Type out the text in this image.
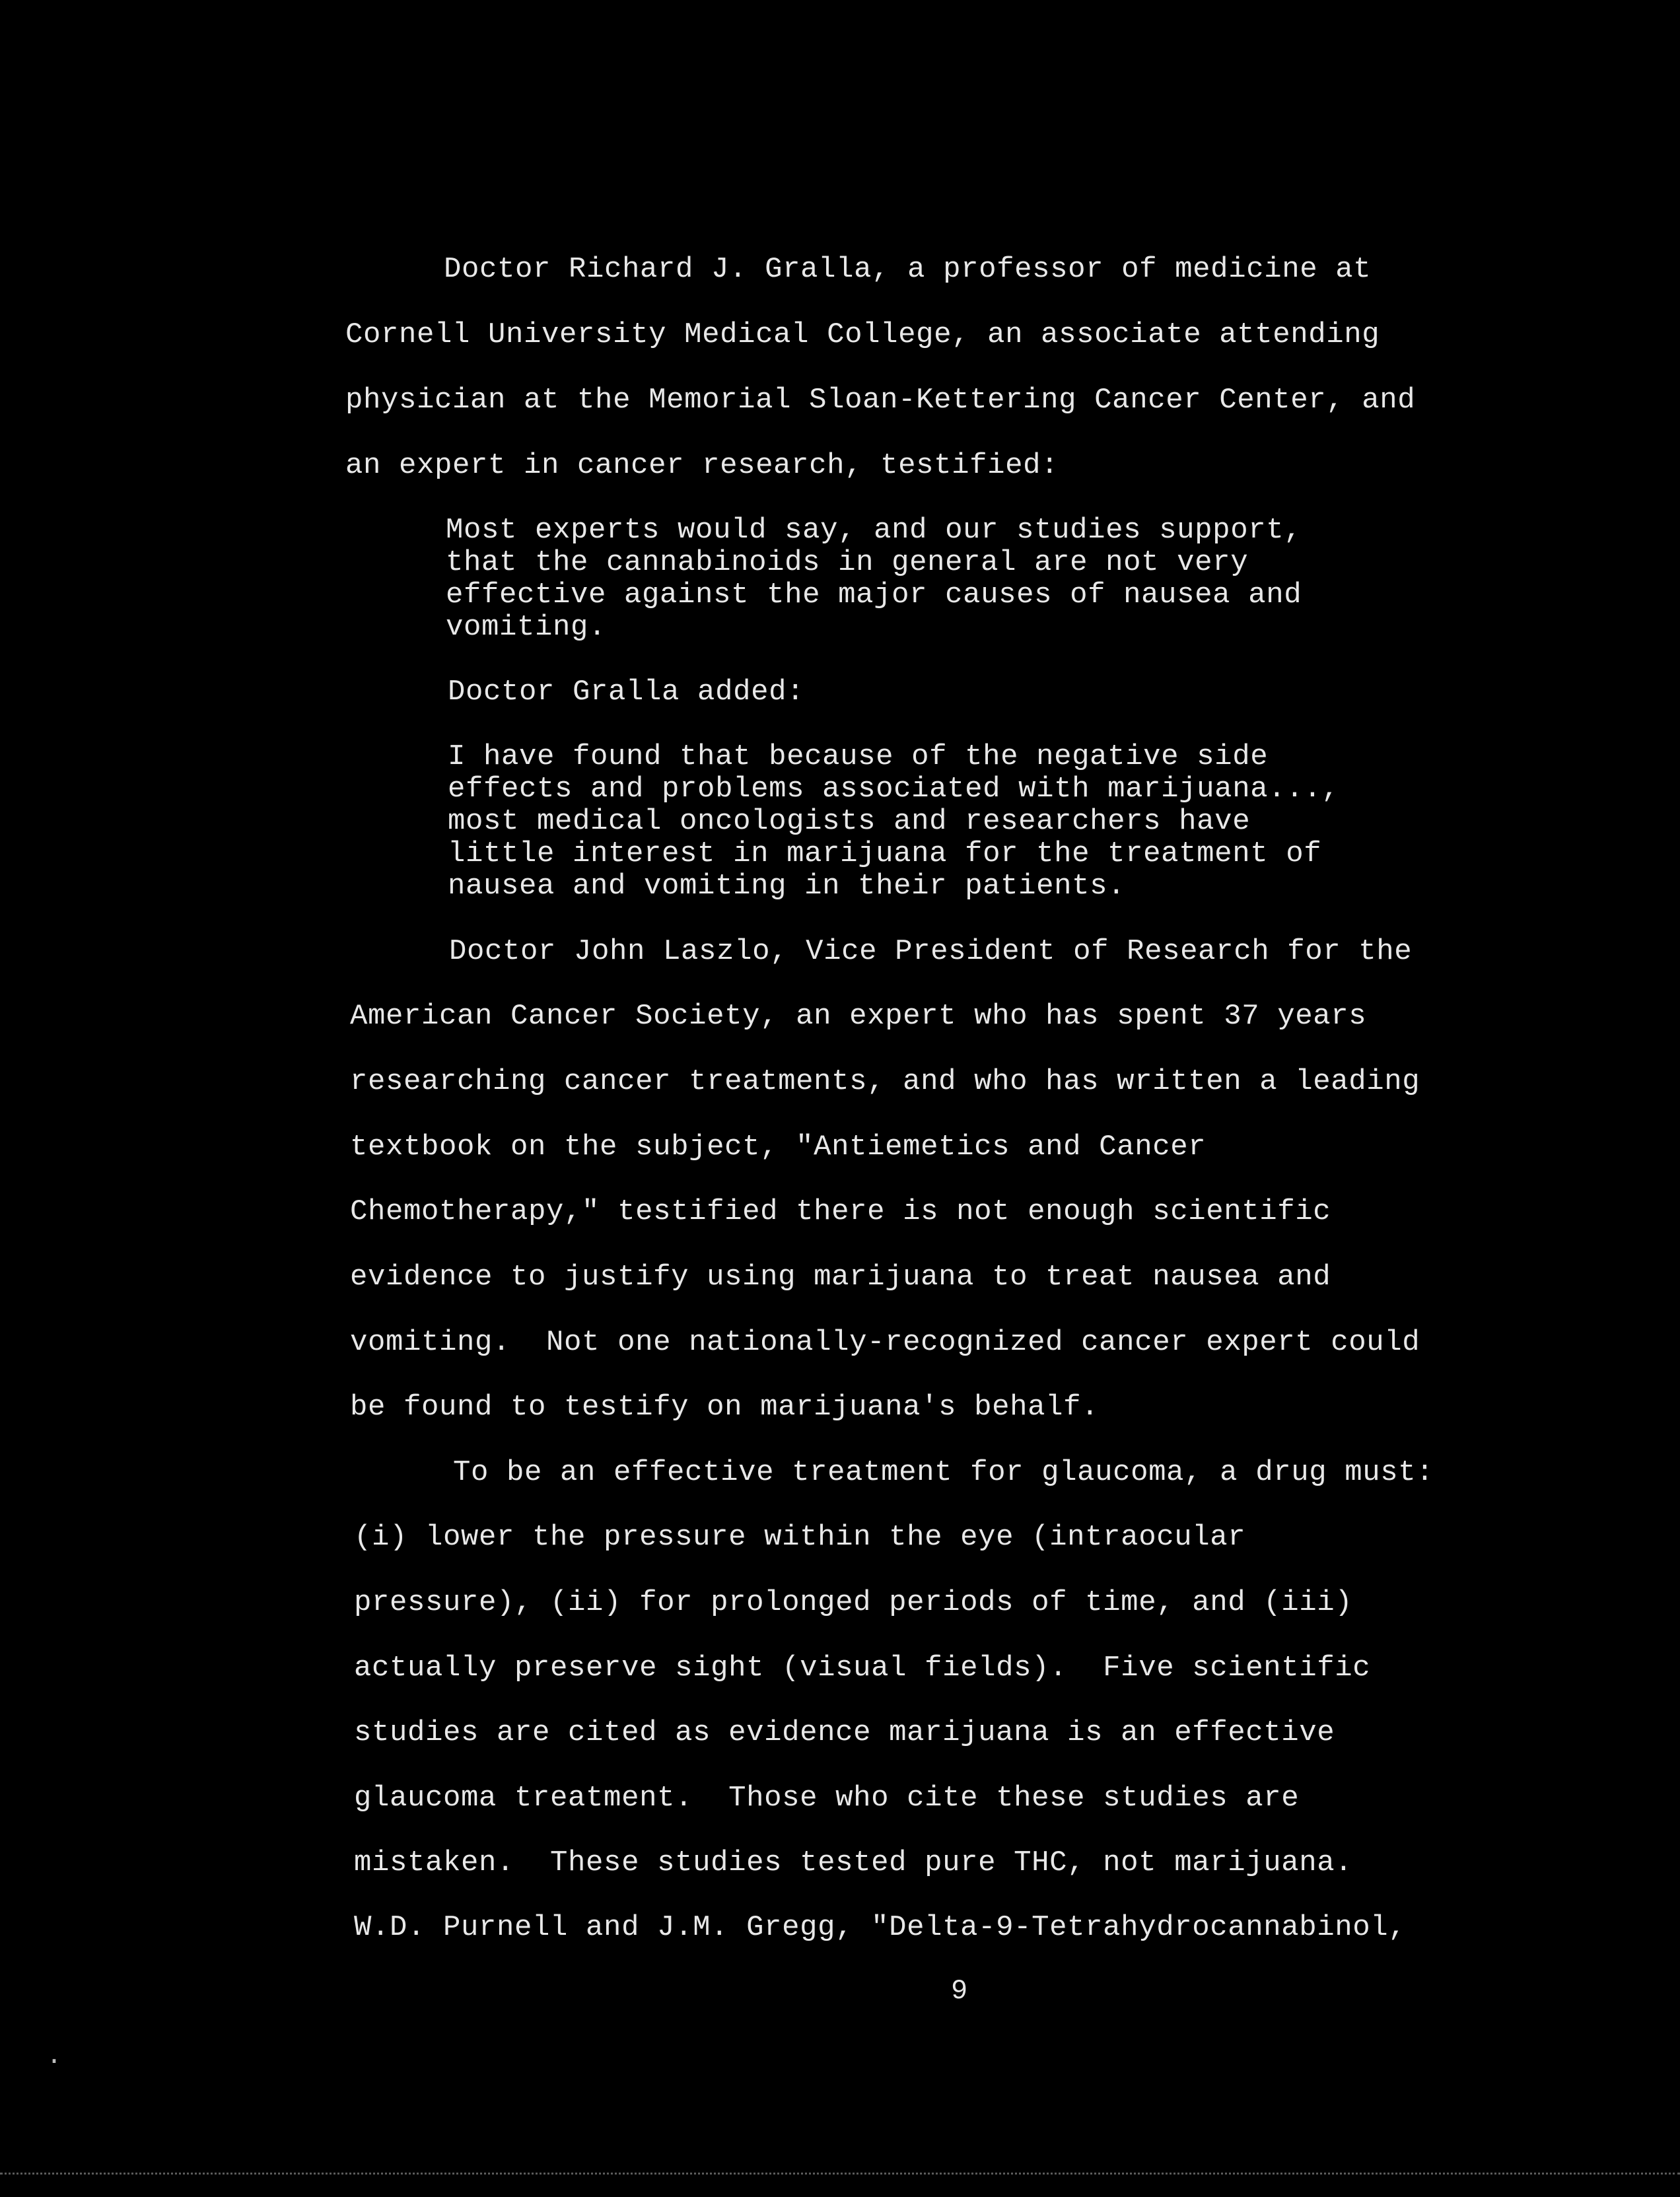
Doctor Richard J. Gralla, a professor of medicine at
Cornell University Medical College, an associate attending
physician at the Memorial Sloan-Kettering Cancer Center, and
an expert in cancer research, testified:
Most experts would say, and our studies support,
that the cannabinoids in general are not very
effective against the major causes of nausea and
vomiting.
Doctor Gralla added:
I have found that because of the negative side
effects and problems associated with marijuana...,
most medical oncologists and researchers have
little interest in marijuana for the treatment of
nausea and vomiting in their patients.
Doctor John Laszlo, Vice President of Research for the
American Cancer Society, an expert who has spent 37 years
researching cancer treatments, and who has written a leading
textbook on the subject, "Antiemetics and Cancer
Chemotherapy," testified there is not enough scientific
evidence to justify using marijuana to treat nausea and
vomiting.  Not one nationally-recognized cancer expert could
be found to testify on marijuana's behalf.
To be an effective treatment for glaucoma, a drug must:
(i) lower the pressure within the eye (intraocular
pressure), (ii) for prolonged periods of time, and (iii)
actually preserve sight (visual fields).  Five scientific
studies are cited as evidence marijuana is an effective
glaucoma treatment.  Those who cite these studies are
mistaken.  These studies tested pure THC, not marijuana.
W.D. Purnell and J.M. Gregg, "Delta-9-Tetrahydrocannabinol,
9
·
